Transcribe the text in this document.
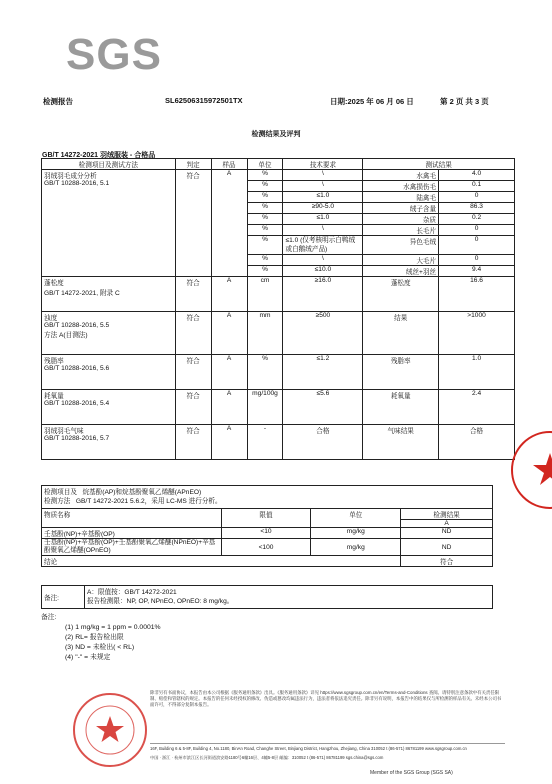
SGS
检测报告	SL62506315972501TX	日期:2025 年 06 月 06 日	第 2 页 共 3 页
检测结果及评判
GB/T 14272-2021 羽绒服装 - 合格品
检测项目及测试方法	判定	样品	单位	技术要求	测试结果	

羽绒羽毛成分分析
GB/T 10288-2016, 5.1	符合	A	%	\	水禽毛	4.0
			%	\	水禽损伤毛	0.1
			%	≤1.0	陆禽毛	0
			%	≥90-5.0	绒子含量	86.3
			%	≤1.0	杂质	0.2
			%	\	长毛片	0
			%	≤1.0 (仅考核明示白鸭绒或白鹅绒产品)	异色毛绒	0
			%	\	大毛片	0
			%	≤10.0	绒丝+羽丝	9.4

蓬松度
GB/T 14272-2021, 附录 C	符合	A	cm	≥16.0	蓬松度	16.6

浊度
GB/T 10288-2016, 5.5
方法 A(目测法)	符合	A	mm	≥500	结果	>1000

残脂率
GB/T 10288-2016, 5.6	符合	A	%	≤1.2	残脂率	1.0

耗氧量
GB/T 10288-2016, 5.4	符合	A	mg/100g	≤5.6	耗氧量	2.4

羽绒羽毛气味
GB/T 10288-2016, 5.7	符合	A	-	合格	气味结果	合格
检测项目及 烷基酚(AP)和烷基酚聚氧乙烯醚(APnEO)
检测方法 GB/T 14272-2021 5.6.2，采用 LC-MS 进行分析。			
物质名称	限值	单位	检测结果
			A
壬基酚(NP)+辛基酚(OP)	<10	mg/kg	ND
壬基酚(NP)+辛基酚(OP)+壬基酚聚氧乙烯醚(NPnEO)+辛基酚聚氧乙烯醚(OPnEO)	<100	mg/kg	ND
结论			符合
备注:	
A：限值按：GB/T 14272-2021
报告检测限：NP, OP, NPnEO, OPnEO: 8 mg/kg。
备注:
(1) 1 mg/kg = 1 ppm = 0.0001%
(2) RL= 报告检出限
(3) ND = 未检出( < RL)
(4) "-" = 未规定
除非另有书面协议，本报告由本公司根据《服务通用条款》出具。《服务通用条款》详见 https://www.sgsgroup.com.cn/en/Terms-and-Conditions 查阅。请特别注意条款中有关责任限制、赔偿和管辖权的规定。本报告的任何未经授权的修改、伪造或篡改均属违法行为，违法者将依法追究责任。除非另有说明，本报告中的结果仅与所检测的样品有关。未经本公司书面许可，不得部分复制本报告。
16F, Building 6 & 5-8F, Building 4, No.1180, BinAn Road, Changhe Street, Binjiang District, Hangzhou, Zhejiang, China 310052 t (86-571) 86781199 www.sgsgroup.com.cn
中国 · 浙江 · 杭州市滨江区长河街道滨安路1180号6幢16层、4幢5-8层 邮编：310052 t (86-571) 86781199 sgs.china@sgs.com
Member of the SGS Group (SGS SA)
